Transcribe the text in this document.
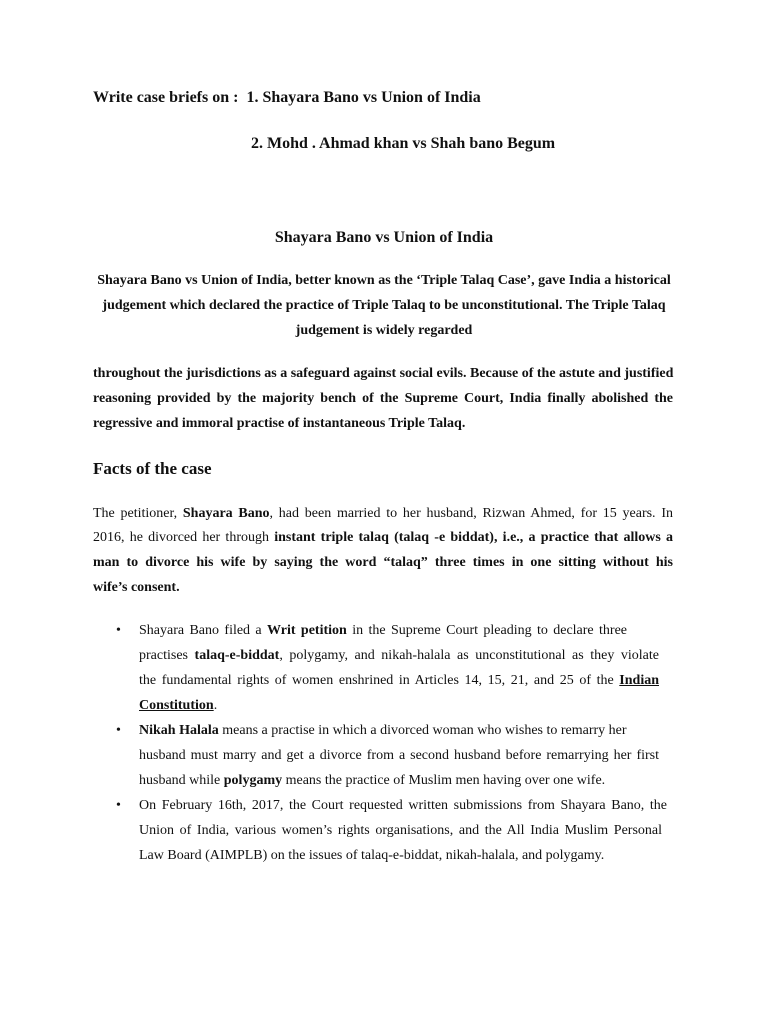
Write case briefs on : 1. Shayara Bano vs Union of India
2. Mohd . Ahmad khan vs Shah bano Begum
Shayara Bano vs Union of India
Shayara Bano vs Union of India, better known as the ‘Triple Talaq Case’, gave India a historical
judgement which declared the practice of Triple Talaq to be unconstitutional. The Triple Talaq
judgement is widely regarded
throughout the jurisdictions as a safeguard against social evils. Because of the astute and justified
reasoning provided by the majority bench of the Supreme Court, India finally abolished the
regressive and immoral practise of instantaneous Triple Talaq.
Facts of the case
The petitioner, Shayara Bano, had been married to her husband, Rizwan Ahmed, for 15 years. In
2016, he divorced her through instant triple talaq (talaq -e biddat), i.e., a practice that allows a
man to divorce his wife by saying the word “talaq” three times in one sitting without his
wife’s consent.
• Shayara Bano filed a Writ petition in the Supreme Court pleading to declare three
practises talaq-e-biddat, polygamy, and nikah-halala as unconstitutional as they violate
the fundamental rights of women enshrined in Articles 14, 15, 21, and 25 of the Indian
Constitution.
• Nikah Halala means a practise in which a divorced woman who wishes to remarry her
husband must marry and get a divorce from a second husband before remarrying her first
husband while polygamy means the practice of Muslim men having over one wife.
• On February 16th, 2017, the Court requested written submissions from Shayara Bano, the
Union of India, various women’s rights organisations, and the All India Muslim Personal
Law Board (AIMPLB) on the issues of talaq-e-biddat, nikah-halala, and polygamy.
